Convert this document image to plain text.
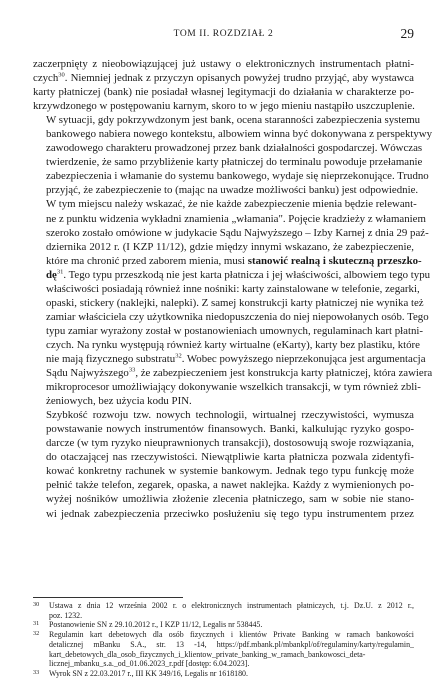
TOM II. ROZDZIAŁ 2	29

zaczerpnięty z nieobowiązującej już ustawy o elektronicznych instrumentach płatni-
czych$^{30}$. Niemniej jednak z przyczyn opisanych powyżej trudno przyjąć, aby wystawca
karty płatniczej (bank) nie posiadał własnej legitymacji do działania w charakterze po-
krzywdzonego w postępowaniu karnym, skoro to w jego mieniu nastąpiło uszczuplenie.

W sytuacji, gdy pokrzywdzonym jest bank, ocena staranności zabezpieczenia systemu
bankowego nabiera nowego kontekstu, albowiem winna być dokonywana z perspektywy
zawodowego charakteru prowadzonej przez bank działalności gospodarczej. Wówczas
twierdzenie, że samo przybliżenie karty płatniczej do terminalu powoduje przełamanie
zabezpieczenia i włamanie do systemu bankowego, wydaje się nieprzekonujące. Trudno
przyjąć, że zabezpieczenie to (mając na uwadze możliwości banku) jest odpowiednie.

W tym miejscu należy wskazać, że nie każde zabezpieczenie mienia będzie relewant-
ne z punktu widzenia wykładni znamienia „włamania". Pojęcie kradzieży z włamaniem
szeroko zostało omówione w judykacie Sądu Najwyższego – Izby Karnej z dnia 29 paź-
dziernika 2012 r. (I KZP 11/12), gdzie między innymi wskazano, że zabezpieczenie,
które ma chronić przed zaborem mienia, musi stanowić realną i skuteczną przeszko-
$dę^{31}$. Tego typu przeszkodą nie jest karta płatnicza i jej właściwości, albowiem tego typu
właściwości posiadają również inne nośniki: karty zainstalowane w telefonie, zegarki,
opaski, stickery (naklejki, nalepki). Z samej konstrukcji karty płatniczej nie wynika też
zamiar właściciela czy użytkownika niedopuszczenia do niej niepowołanych osób. Tego
typu zamiar wyrażony został w postanowieniach umownych, regulaminach kart płatni-
czych. Na rynku występują również karty wirtualne (eKarty), karty bez plastiku, które
nie mają fizycznego substratu$^{32}$. Wobec powyższego nieprzekonująca jest argumentacja
Sądu Najwyższego$^{33}$, że zabezpieczeniem jest konstrukcja karty płatniczej, która zawiera
mikroprocesor umożliwiający dokonywanie wszelkich transakcji, w tym również zbli-
żeniowych, bez użycia kodu PIN.

Szybkość rozwoju tzw. nowych technologii, wirtualnej rzeczywistości, wymusza
powstawanie nowych instrumentów finansowych. Banki, kalkulując ryzyko gospo-
darcze (w tym ryzyko nieuprawnionych transakcji), dostosowują swoje rozwiązania,
do otaczającej nas rzeczywistości. Niewątpliwie karta płatnicza pozwala zidentyfi-
kować konkretny rachunek w systemie bankowym. Jednak tego typu funkcję może
pełnić także telefon, zegarek, opaska, a nawet naklejka. Każdy z wymienionych po-
wyżej nośników umożliwia złożenie zlecenia płatniczego, sam w sobie nie stano-
wi jednak zabezpieczenia przeciwko posłużeniu się tego typu instrumentem przez

30	Ustawa z dnia 12 września 2002 r. o elektronicznych instrumentach płatniczych, t.j. Dz.U. z 2012 r.,
poz. 1232.
31	Postanowienie SN z 29.10.2012 r., I KZP 11/12, Legalis nr 538445.
32	Regulamin kart debetowych dla osób fizycznych i klientów Private Banking w ramach bankowości
detalicznej mBanku S.A., str. 13 -14, https://pdf.mbank.pl/mbankpl/of/regulaminy/karty/regulamin_
kart_debetowych_dla_osob_fizycznych_i_klientow_private_banking_w_ramach_bankowosci_deta-
licznej_mbanku_s.a._od_01.06.2023_r.pdf [dostęp: 6.04.2023].
33	Wyrok SN z 22.03.2017 r., III KK 349/16, Legalis nr 1618180.
